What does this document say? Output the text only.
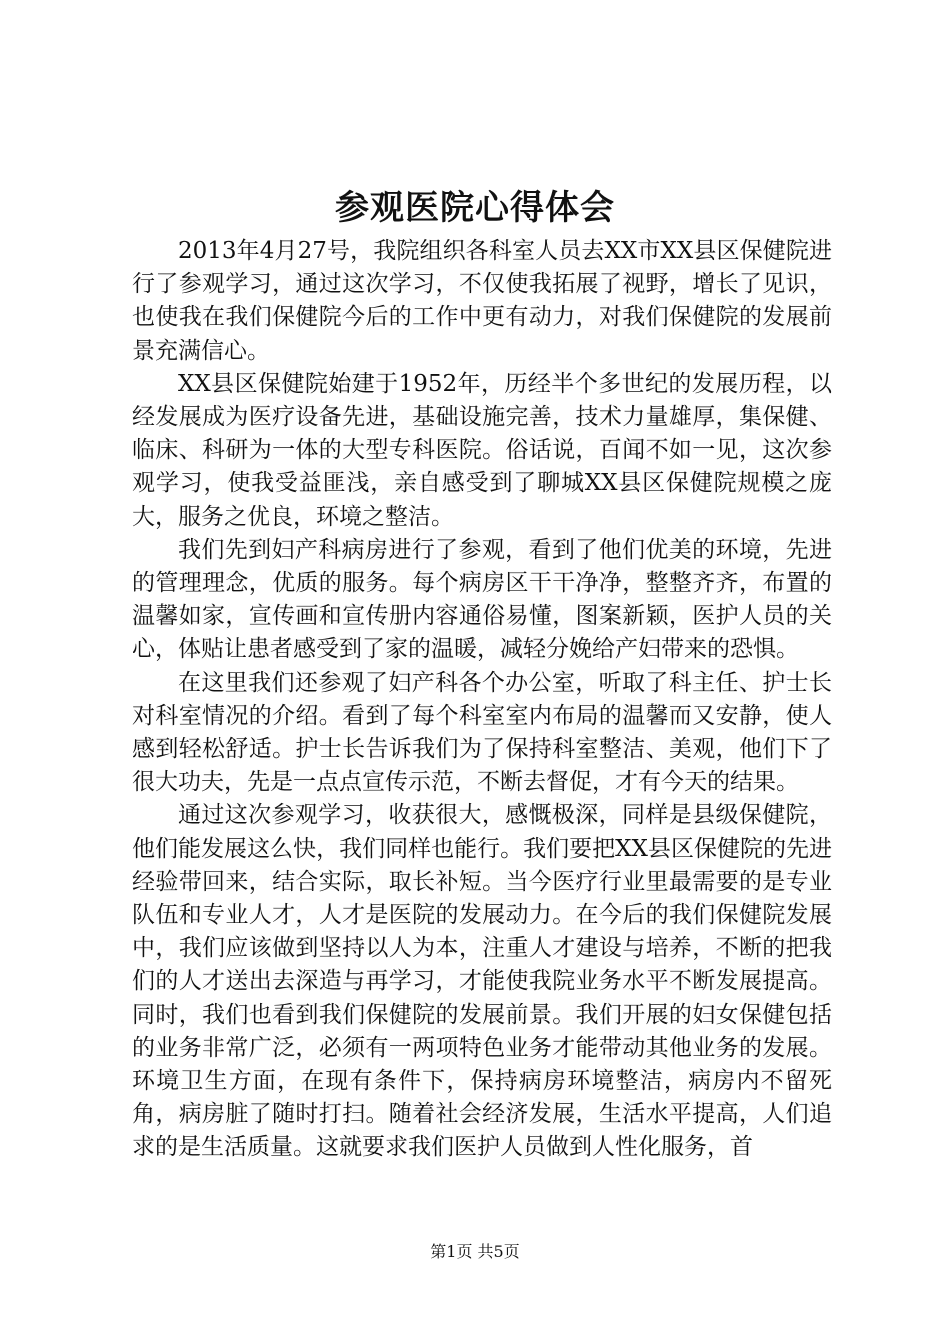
参观医院心得体会

2013年4月27号，我院组织各科室人员去XX市XX县区保健院进行了参观学习，通过这次学习，不仅使我拓展了视野，增长了见识，也使我在我们保健院今后的工作中更有动力，对我们保健院的发展前景充满信心。

XX县区保健院始建于1952年，历经半个多世纪的发展历程，以经发展成为医疗设备先进，基础设施完善，技术力量雄厚，集保健、临床、科研为一体的大型专科医院。俗话说，百闻不如一见，这次参观学习，使我受益匪浅，亲自感受到了聊城XX县区保健院规模之庞大，服务之优良，环境之整洁。

我们先到妇产科病房进行了参观，看到了他们优美的环境，先进的管理理念，优质的服务。每个病房区干干净净，整整齐齐，布置的温馨如家，宣传画和宣传册内容通俗易懂，图案新颖，医护人员的关心，体贴让患者感受到了家的温暖，减轻分娩给产妇带来的恐惧。

在这里我们还参观了妇产科各个办公室，听取了科主任、护士长对科室情况的介绍。看到了每个科室室内布局的温馨而又安静，使人感到轻松舒适。护士长告诉我们为了保持科室整洁、美观，他们下了很大功夫，先是一点点宣传示范，不断去督促，才有今天的结果。

通过这次参观学习，收获很大，感慨极深，同样是县级保健院，他们能发展这么快，我们同样也能行。我们要把XX县区保健院的先进经验带回来，结合实际，取长补短。当今医疗行业里最需要的是专业队伍和专业人才，人才是医院的发展动力。在今后的我们保健院发展中，我们应该做到坚持以人为本，注重人才建设与培养，不断的把我们的人才送出去深造与再学习，才能使我院业务水平不断发展提高。同时，我们也看到我们保健院的发展前景。我们开展的妇女保健包括的业务非常广泛，必须有一两项特色业务才能带动其他业务的发展。环境卫生方面，在现有条件下，保持病房环境整洁，病房内不留死角，病房脏了随时打扫。随着社会经济发展，生活水平提高，人们追求的是生活质量。这就要求我们医护人员做到人性化服务，首

第1页 共5页
